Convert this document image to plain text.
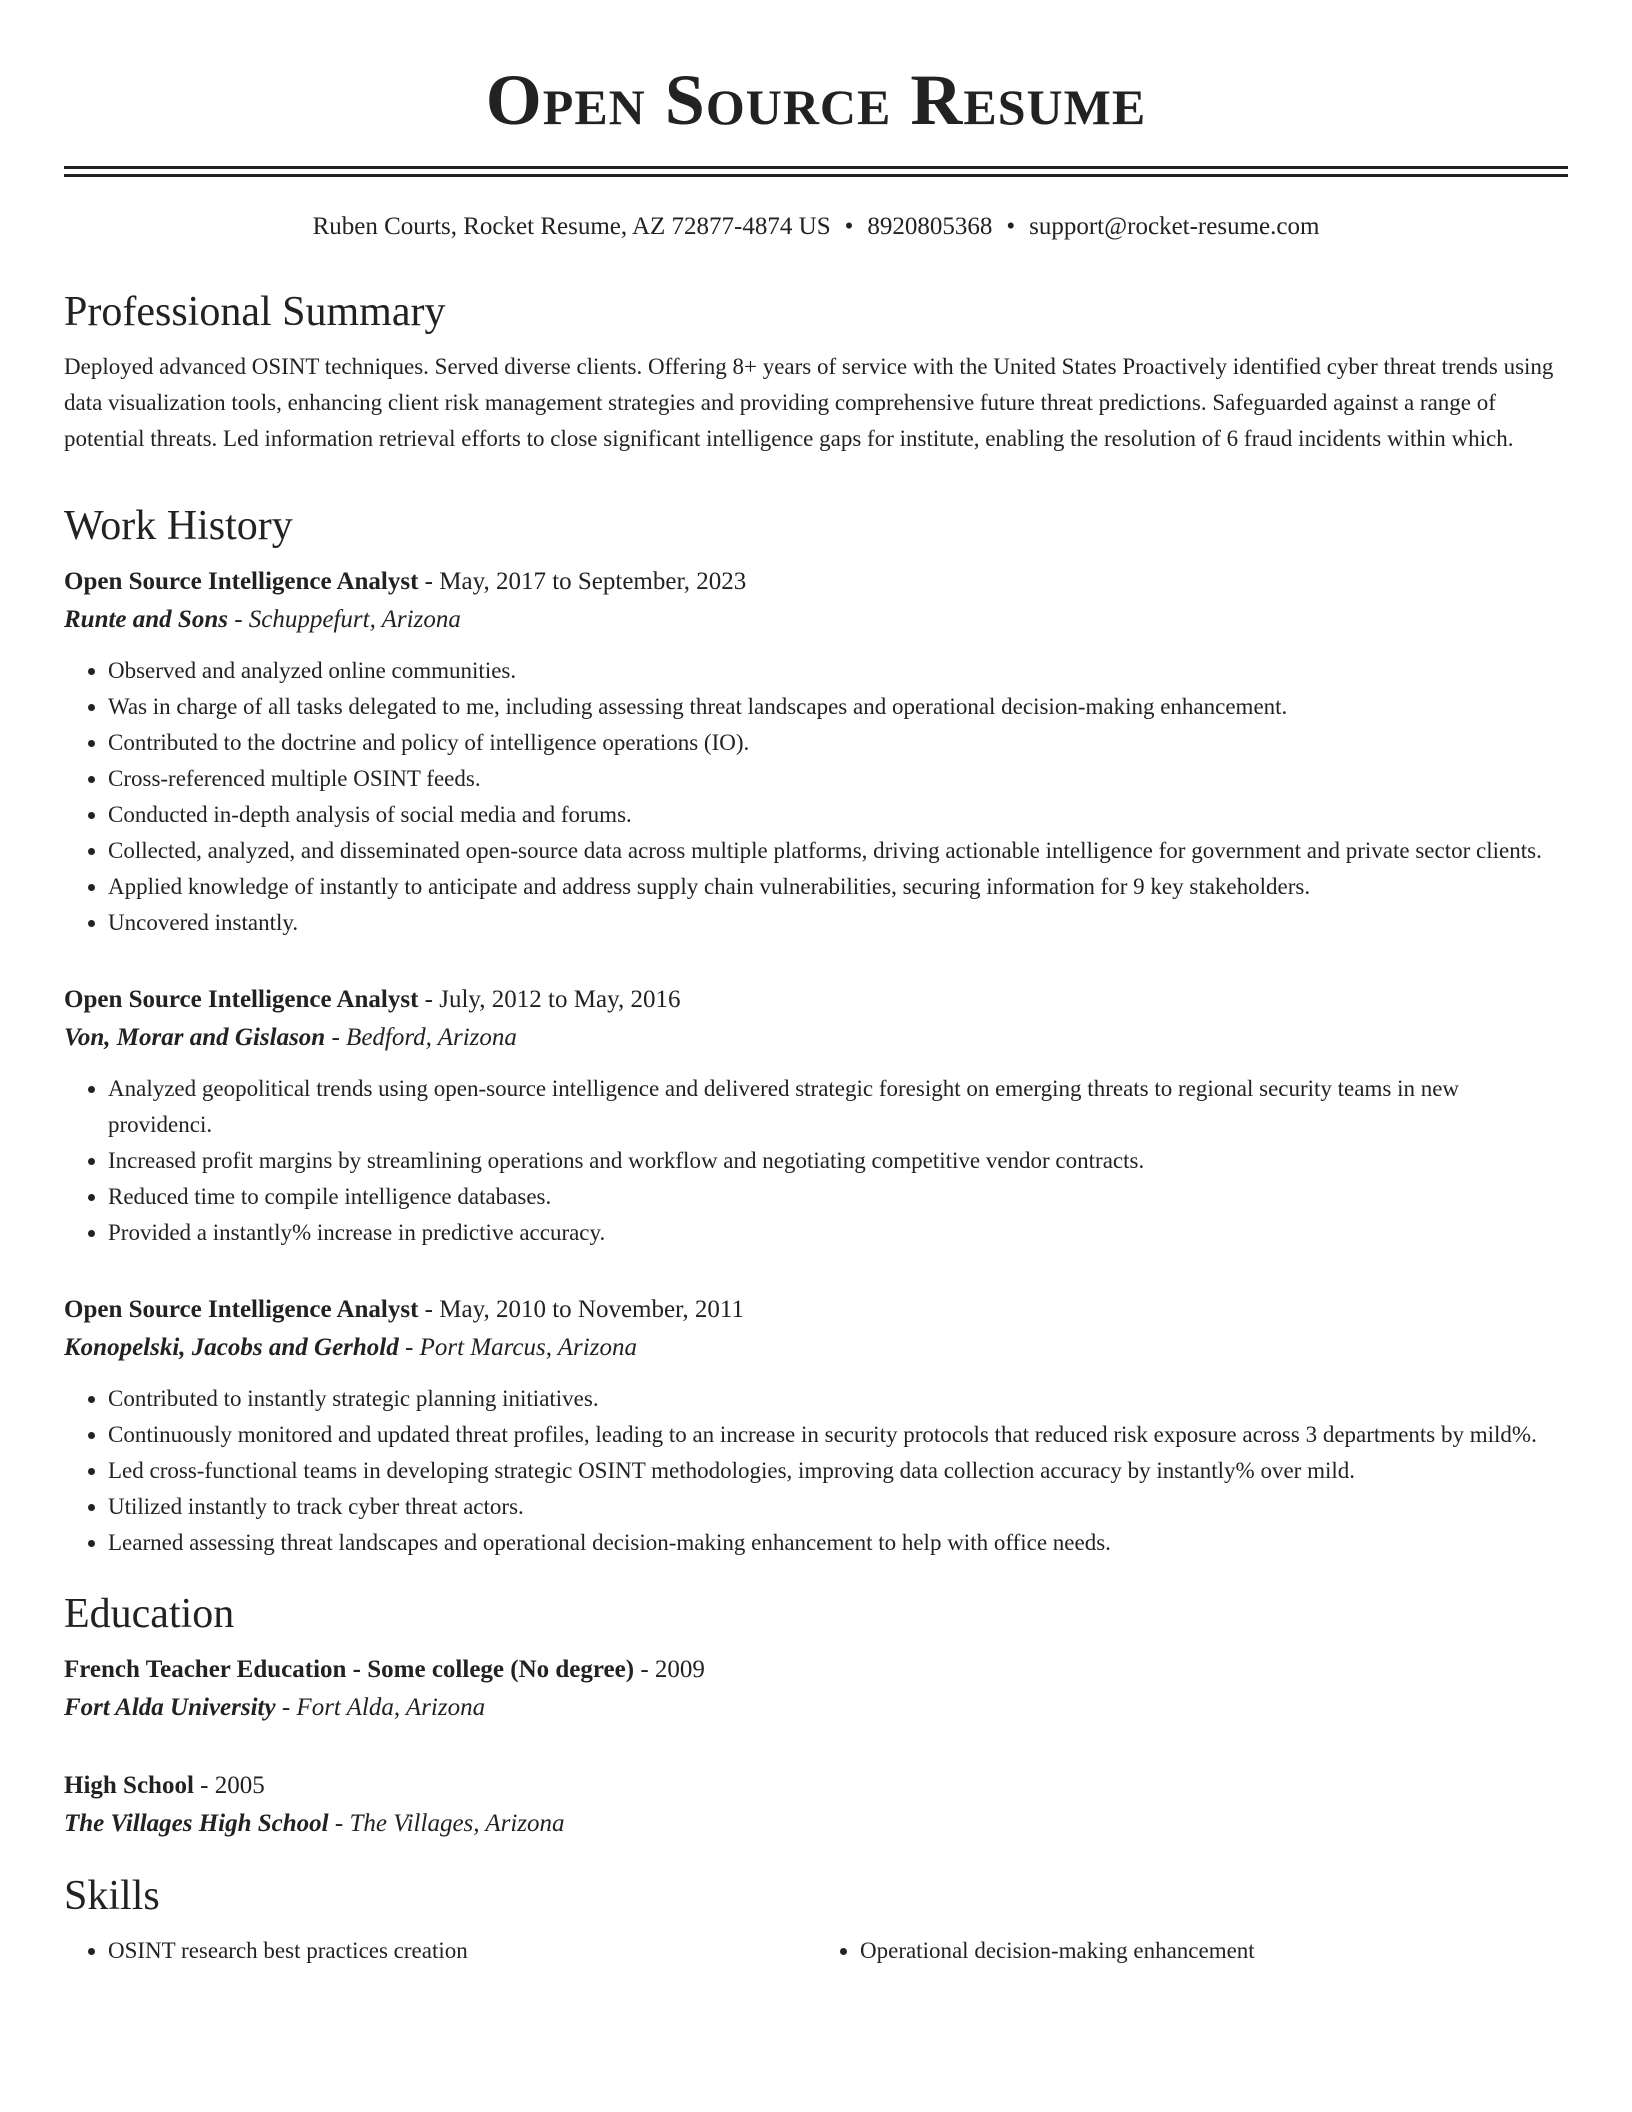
Open Source Resume
Ruben Courts, Rocket Resume, AZ 72877-4874 US • 8920805368 • support@rocket-resume.com
Professional Summary

Deployed advanced OSINT techniques. Served diverse clients. Offering 8+ years of service with the United States Proactively identified cyber threat trends using data visualization tools, enhancing client risk management strategies and providing comprehensive future threat predictions. Safeguarded against a range of potential threats. Led information retrieval efforts to close significant intelligence gaps for institute, enabling the resolution of 6 fraud incidents within which.

Work History
Open Source Intelligence Analyst - May, 2017 to September, 2023
Runte and Sons - Schuppefurt, Arizona
• Observed and analyzed online communities.
• Was in charge of all tasks delegated to me, including assessing threat landscapes and operational decision-making enhancement.
• Contributed to the doctrine and policy of intelligence operations (IO).
• Cross-referenced multiple OSINT feeds.
• Conducted in-depth analysis of social media and forums.
• Collected, analyzed, and disseminated open-source data across multiple platforms, driving actionable intelligence for government and private sector clients.
• Applied knowledge of instantly to anticipate and address supply chain vulnerabilities, securing information for 9 key stakeholders.
• Uncovered instantly.
Open Source Intelligence Analyst - July, 2012 to May, 2016
Von, Morar and Gislason - Bedford, Arizona
• Analyzed geopolitical trends using open-source intelligence and delivered strategic foresight on emerging threats to regional security teams in new providenci.
• Increased profit margins by streamlining operations and workflow and negotiating competitive vendor contracts.
• Reduced time to compile intelligence databases.
• Provided a instantly% increase in predictive accuracy.
Open Source Intelligence Analyst - May, 2010 to November, 2011
Konopelski, Jacobs and Gerhold - Port Marcus, Arizona
• Contributed to instantly strategic planning initiatives.
• Continuously monitored and updated threat profiles, leading to an increase in security protocols that reduced risk exposure across 3 departments by mild%.
• Led cross-functional teams in developing strategic OSINT methodologies, improving data collection accuracy by instantly% over mild.
• Utilized instantly to track cyber threat actors.
• Learned assessing threat landscapes and operational decision-making enhancement to help with office needs.
Education
French Teacher Education - Some college (No degree) - 2009
Fort Alda University - Fort Alda, Arizona
High School - 2005
The Villages High School - The Villages, Arizona
Skills
• OSINT research best practices creation
•	Operational decision-making enhancement
